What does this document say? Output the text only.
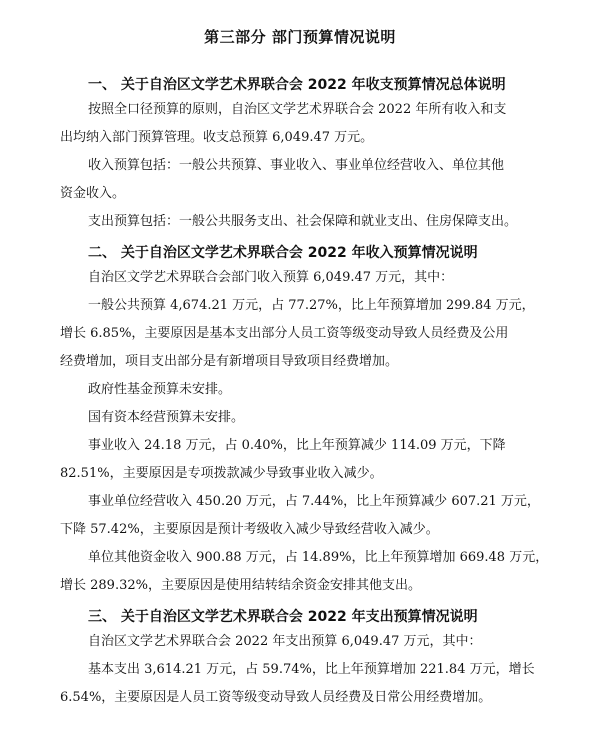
第三部分 部门预算情况说明
一、 关于自治区文学艺术界联合会 2022 年收支预算情况总体说明
按照全口径预算的原则，自治区文学艺术界联合会 2022 年所有收入和支
出均纳入部门预算管理。收支总预算 6,049.47 万元。
收入预算包括：一般公共预算、事业收入、事业单位经营收入、单位其他
资金收入。
支出预算包括：一般公共服务支出、社会保障和就业支出、住房保障支出。
二、 关于自治区文学艺术界联合会 2022 年收入预算情况说明
自治区文学艺术界联合会部门收入预算 6,049.47 万元，其中：
一般公共预算 4,674.21 万元，占 77.27%，比上年预算增加 299.84 万元，
增长 6.85%，主要原因是基本支出部分人员工资等级变动导致人员经费及公用
经费增加，项目支出部分是有新增项目导致项目经费增加。
政府性基金预算未安排。
国有资本经营预算未安排。
事业收入 24.18 万元，占 0.40%，比上年预算减少 114.09 万元，下降
82.51%，主要原因是专项拨款减少导致事业收入减少。
事业单位经营收入 450.20 万元，占 7.44%，比上年预算减少 607.21 万元，
下降 57.42%，主要原因是预计考级收入减少导致经营收入减少。
单位其他资金收入 900.88 万元，占 14.89%，比上年预算增加 669.48 万元，
增长 289.32%，主要原因是使用结转结余资金安排其他支出。
三、 关于自治区文学艺术界联合会 2022 年支出预算情况说明
自治区文学艺术界联合会 2022 年支出预算 6,049.47 万元，其中：
基本支出 3,614.21 万元，占 59.74%，比上年预算增加 221.84 万元，增长
6.54%，主要原因是人员工资等级变动导致人员经费及日常公用经费增加。
